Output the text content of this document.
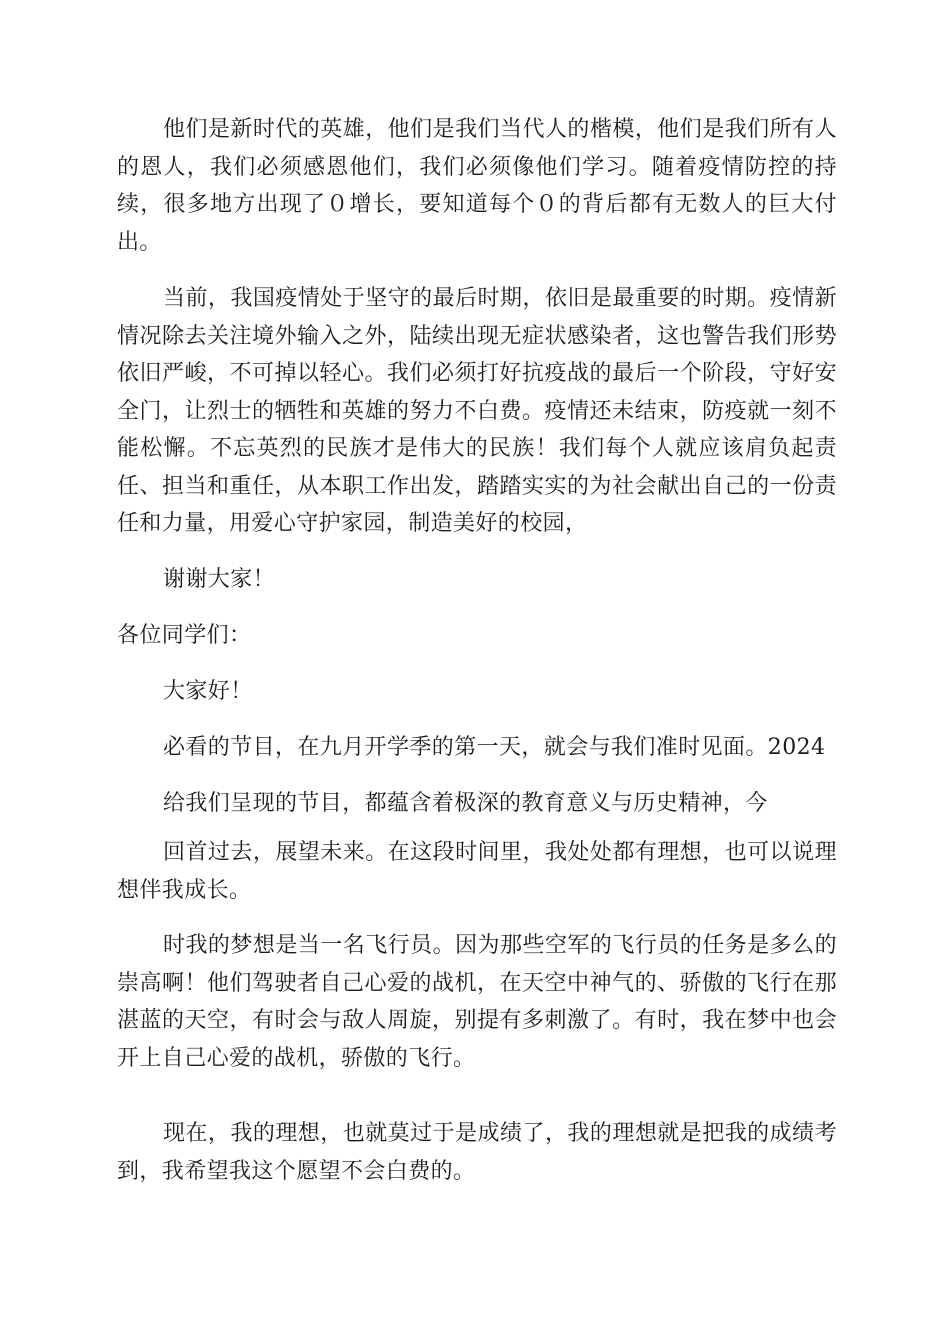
他们是新时代的英雄，他们是我们当代人的楷模，他们是我们所有人的恩人，我们必须感恩他们，我们必须像他们学习。随着疫情防控的持续，很多地方出现了０增长，要知道每个０的背后都有无数人的巨大付出。

当前，我国疫情处于坚守的最后时期，依旧是最重要的时期。疫情新情况除去关注境外输入之外，陆续出现无症状感染者，这也警告我们形势依旧严峻，不可掉以轻心。我们必须打好抗疫战的最后一个阶段，守好安全门，让烈士的牺牲和英雄的努力不白费。疫情还未结束，防疫就一刻不能松懈。不忘英烈的民族才是伟大的民族！我们每个人就应该肩负起责任、担当和重任，从本职工作出发，踏踏实实的为社会献出自己的一份责任和力量，用爱心守护家园，制造美好的校园，

谢谢大家！

各位同学们：

大家好！

必看的节目，在九月开学季的第一天，就会与我们准时见面。2024

给我们呈现的节目，都蕴含着极深的教育意义与历史精神，今

回首过去，展望未来。在这段时间里，我处处都有理想，也可以说理想伴我成长。

时我的梦想是当一名飞行员。因为那些空军的飞行员的任务是多么的崇高啊！他们驾驶者自己心爱的战机，在天空中神气的、骄傲的飞行在那湛蓝的天空，有时会与敌人周旋，别提有多刺激了。有时，我在梦中也会开上自己心爱的战机，骄傲的飞行。

现在，我的理想，也就莫过于是成绩了，我的理想就是把我的成绩考到，我希望我这个愿望不会白费的。
